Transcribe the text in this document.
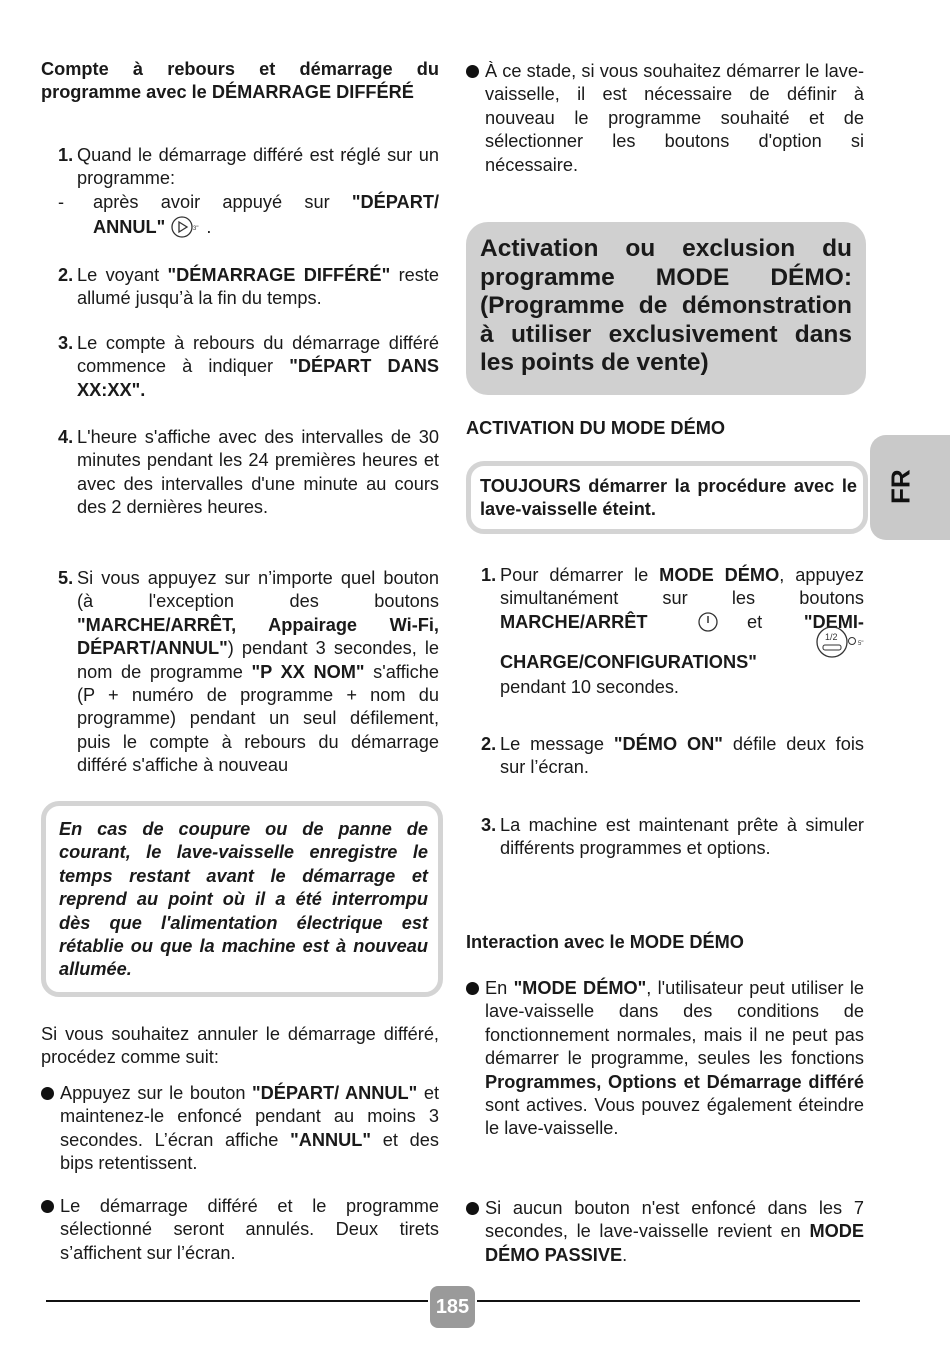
Compte à rebours et démarrage du programme avec le DÉMARRAGE DIFFÉRÉ

1. Quand le démarrage différé est réglé sur un programme:

- après avoir appuyé sur "DÉPART/ ANNUL"	3" .

2. Le voyant "DÉMARRAGE DIFFÉRÉ" reste allumé jusqu’à la fin du temps.

3. Le compte à rebours du démarrage différé commence à indiquer "DÉPART DANS XX:XX".

4. L'heure s'affiche avec des intervalles de 30 minutes pendant les 24 premières heures et avec des intervalles d'une minute au cours des 2 dernières heures.

5. Si vous appuyez sur n’importe quel bouton (à l'exception des boutons "MARCHE/ARRÊT, Appairage Wi-Fi, DÉPART/ANNUL") pendant 3 secondes, le nom de programme "P XX NOM" s'affiche (P + numéro de programme + nom du programme) pendant un seul défilement, puis le compte à rebours du démarrage différé s'affiche à nouveau

En cas de coupure ou de panne de courant, le lave-vaisselle enregistre le temps restant avant le démarrage et reprend au point où il a été interrompu dès que l'alimentation électrique est rétablie ou que la machine est à nouveau allumée.

Si vous souhaitez annuler le démarrage différé, procédez comme suit:

Appuyez sur le bouton "DÉPART/ ANNUL" et maintenez-le enfoncé pendant au moins 3 secondes. L’écran affiche "ANNUL" et des bips retentissent.

Le démarrage différé et le programme sélectionné seront annulés. Deux tirets s’affichent sur l’écran.

À ce stade, si vous souhaitez démarrer le lave-vaisselle, il est nécessaire de définir à nouveau le programme souhaité et de sélectionner les boutons d'option si nécessaire.

Activation ou exclusion du programme MODE DÉMO: (Programme de démonstration à utiliser exclusivement dans les points de vente)

ACTIVATION DU MODE DÉMO

TOUJOURS démarrer la procédure avec le lave-vaisselle éteint.

1. Pour démarrer le MODE DÉMO, appuyez simultanément sur les boutons

MARCHE/ARRÊT	et "DEMI-
CHARGE/CONFIGURATIONS"
1/2
5"

pendant 10 secondes.

2. Le message "DÉMO ON" défile deux fois sur l’écran.

3. La machine est maintenant prête à simuler différents programmes et options.

Interaction avec le MODE DÉMO

En "MODE DÉMO", l'utilisateur peut utiliser le lave-vaisselle dans des conditions de fonctionnement normales, mais il ne peut pas démarrer le programme, seules les fonctions Programmes, Options et Démarrage différé sont actives. Vous pouvez également éteindre le lave-vaisselle.

Si aucun bouton n'est enfoncé dans les 7 secondes, le lave-vaisselle revient en MODE DÉMO PASSIVE.

FR
185
